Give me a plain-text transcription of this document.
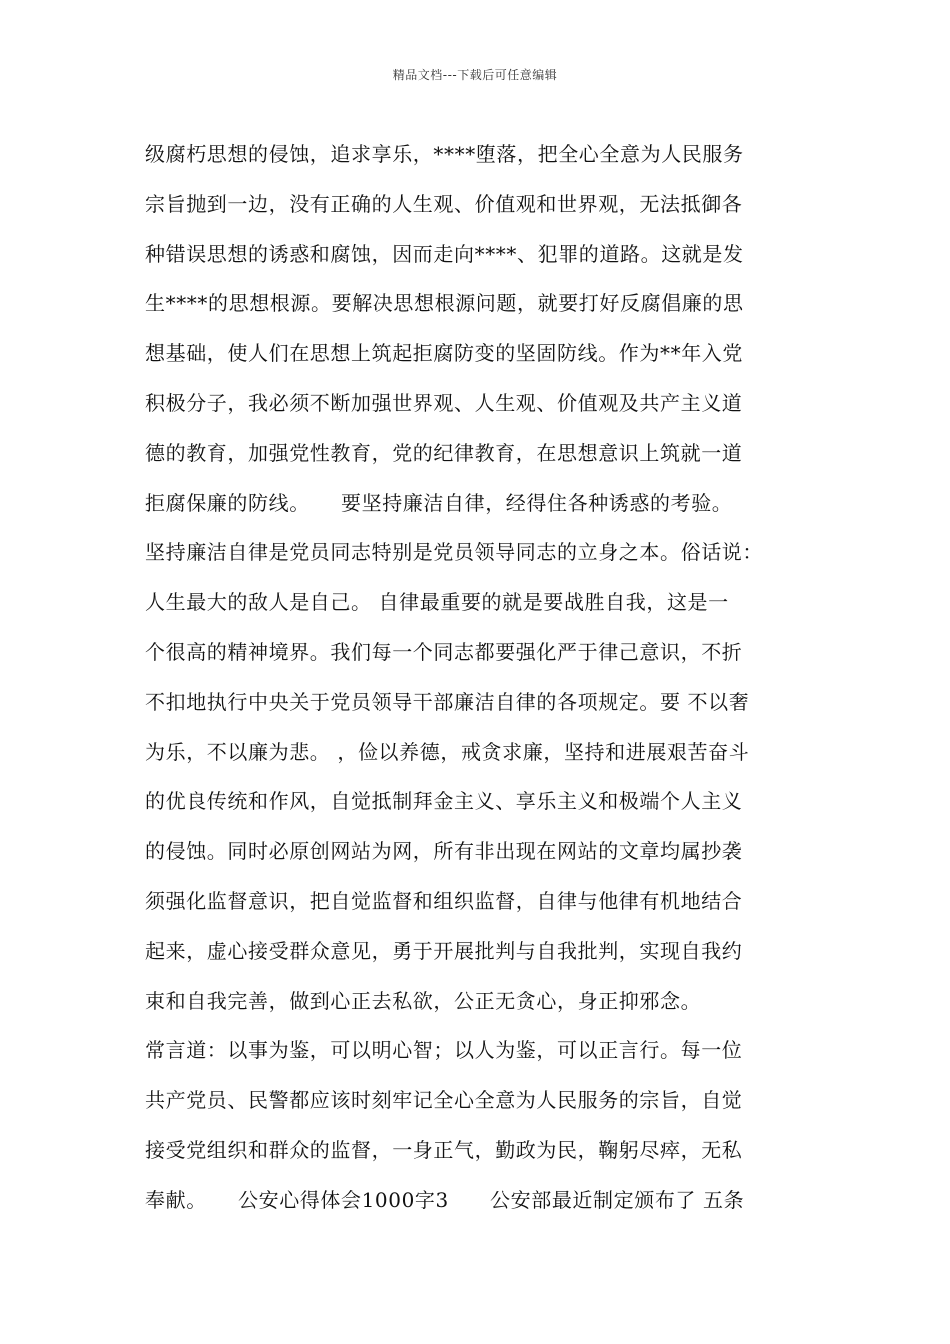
精品文档---下载后可任意编辑
级腐朽思想的侵蚀，追求享乐，****堕落，把全心全意为人民服务
宗旨抛到一边，没有正确的人生观、价值观和世界观，无法抵御各
种错误思想的诱惑和腐蚀，因而走向****、犯罪的道路。这就是发
生****的思想根源。要解决思想根源问题，就要打好反腐倡廉的思
想基础，使人们在思想上筑起拒腐防变的坚固防线。作为**年入党
积极分子，我必须不断加强世界观、人生观、价值观及共产主义道
德的教育，加强党性教育，党的纪律教育，在思想意识上筑就一道
拒腐保廉的防线。　　要坚持廉洁自律，经得住各种诱惑的考验。
坚持廉洁自律是党员同志特别是党员领导同志的立身之本。俗话说：
人生最大的敌人是自己。 自律最重要的就是要战胜自我，这是一
个很高的精神境界。我们每一个同志都要强化严于律己意识，不折
不扣地执行中央关于党员领导干部廉洁自律的各项规定。要 不以奢
为乐，不以廉为悲。 ，俭以养德，戒贪求廉，坚持和进展艰苦奋斗
的优良传统和作风，自觉抵制拜金主义、享乐主义和极端个人主义
的侵蚀。同时必原创网站为网，所有非出现在网站的文章均属抄袭
须强化监督意识，把自觉监督和组织监督，自律与他律有机地结合
起来，虚心接受群众意见，勇于开展批判与自我批判，实现自我约
束和自我完善，做到心正去私欲，公正无贪心，身正抑邪念。
常言道：以事为鉴，可以明心智；以人为鉴，可以正言行。每一位
共产党员、民警都应该时刻牢记全心全意为人民服务的宗旨，自觉
接受党组织和群众的监督，一身正气，勤政为民，鞠躬尽瘁，无私
奉献。　　公安心得体会1000字3　　公安部最近制定颁布了 五条
